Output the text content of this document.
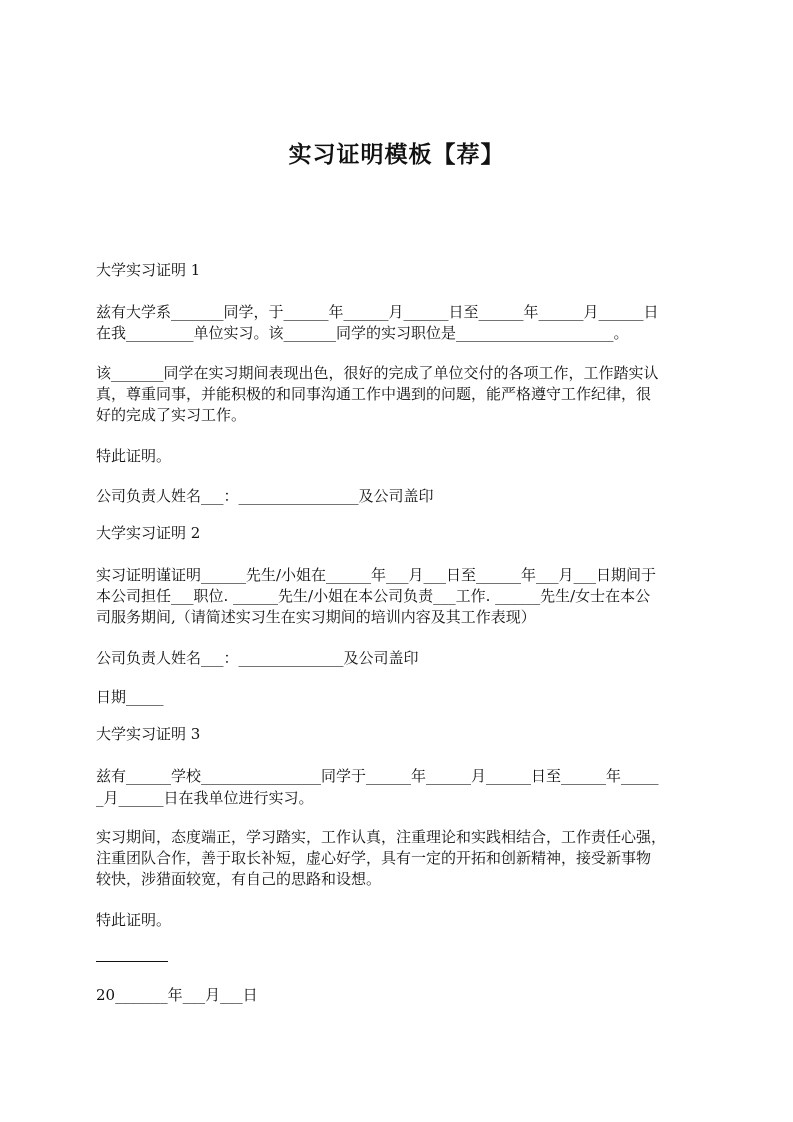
实习证明模板【荐】
大学实习证明 1
兹有大学系_______同学，于______年______月______日至______年______月______日
在我_________单位实习。该_______同学的实习职位是_____________________。
该_______同学在实习期间表现出色，很好的完成了单位交付的各项工作，工作踏实认
真，尊重同事，并能积极的和同事沟通工作中遇到的问题，能严格遵守工作纪律，很
好的完成了实习工作。
特此证明。
公司负责人姓名___：________________及公司盖印
大学实习证明 2
实习证明谨证明______先生/小姐在______年___月___日至______年___月___日期间于
本公司担任___职位. ______先生/小姐在本公司负责___工作. ______先生/女士在本公
司服务期间,（请简述实习生在实习期间的培训内容及其工作表现）
公司负责人姓名___：______________及公司盖印
日期_____
大学实习证明 3
兹有______学校________________同学于______年______月______日至______年_____
_月______日在我单位进行实习。
实习期间，态度端正，学习踏实，工作认真，注重理论和实践相结合，工作责任心强，
注重团队合作，善于取长补短，虚心好学，具有一定的开拓和创新精神，接受新事物
较快，涉猎面较宽，有自己的思路和设想。
特此证明。
20_______年___月___日
